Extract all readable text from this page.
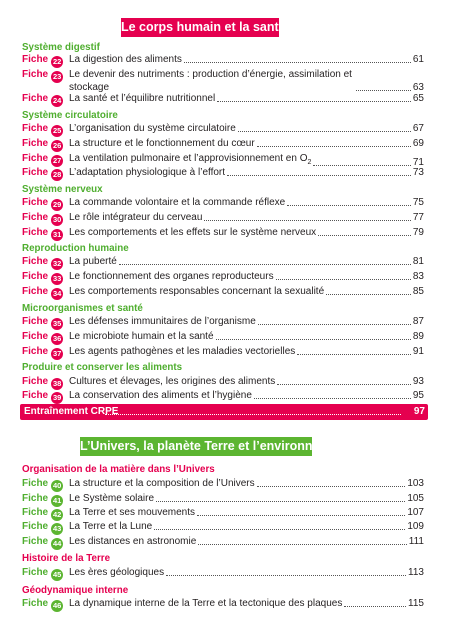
Le corps humain et la santé
Système digestif
Fiche 22 La digestion des aliments	61
Fiche 23 Le devenir des nutriments : production d’énergie, assimilation et stockage	63
Fiche 24 La santé et l’équilibre nutritionnel	65
Système circulatoire
Fiche 25 L’organisation du système circulatoire	67
Fiche 26 La structure et le fonctionnement du cœur	69
Fiche 27 La ventilation pulmonaire et l’approvisionnement en $O_2$	71
Fiche 28 L’adaptation physiologique à l’effort	73
Système nerveux
Fiche 29 La commande volontaire et la commande réflexe	75
Fiche 30 Le rôle intégrateur du cerveau	77
Fiche 31 Les comportements et les effets sur le système nerveux	79
Reproduction humaine
Fiche 32 La puberté	81
Fiche 33 Le fonctionnement des organes reproducteurs	83
Fiche 34 Les comportements responsables concernant la sexualité	85
Microorganismes et santé
Fiche 35 Les défenses immunitaires de l’organisme	87
Fiche 36 Le microbiote humain et la santé	89
Fiche 37 Les agents pathogènes et les maladies vectorielles	91
Produire et conserver les aliments
Fiche 38 Cultures et élevages, les origines des aliments	93
Fiche 39 La conservation des aliments et l’hygiène	95
Entraînement CRPE	97
L’Univers, la planète Terre et l’environnement
Organisation de la matière dans l’Univers
Fiche 40 La structure et la composition de l’Univers	103
Fiche 41 Le Système solaire	105
Fiche 42 La Terre et ses mouvements	107
Fiche 43 La Terre et la Lune	109
Fiche 44 Les distances en astronomie	111
Histoire de la Terre
Fiche 45 Les ères géologiques	113
Géodynamique interne
Fiche 46 La dynamique interne de la Terre et la tectonique des plaques	115
